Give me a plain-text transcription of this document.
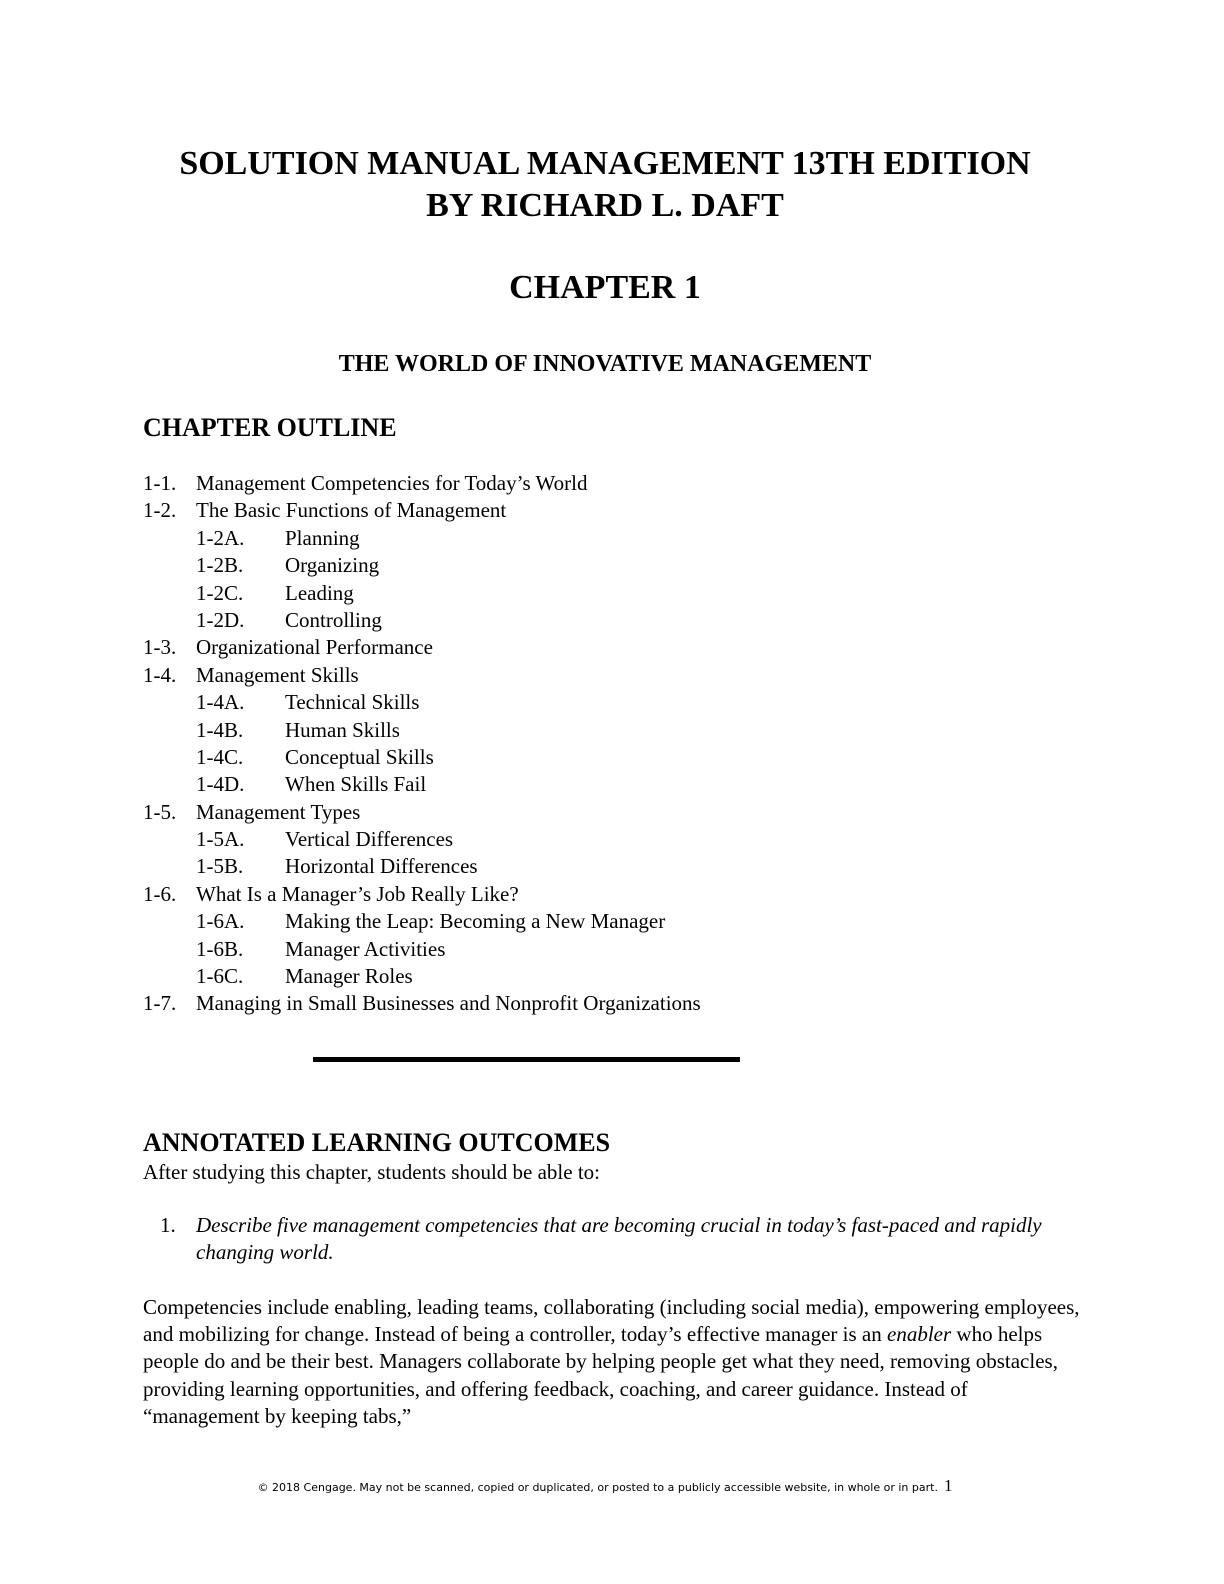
SOLUTION MANUAL MANAGEMENT 13TH EDITION
BY RICHARD L. DAFT
CHAPTER 1
THE WORLD OF INNOVATIVE MANAGEMENT
CHAPTER OUTLINE
1-1. Management Competencies for Today’s World
1-2. The Basic Functions of Management
1-2A. Planning
1-2B. Organizing
1-2C. Leading
1-2D. Controlling
1-3. Organizational Performance
1-4. Management Skills
1-4A. Technical Skills
1-4B. Human Skills
1-4C. Conceptual Skills
1-4D. When Skills Fail
1-5. Management Types
1-5A. Vertical Differences
1-5B. Horizontal Differences
1-6. What Is a Manager’s Job Really Like?
1-6A. Making the Leap: Becoming a New Manager
1-6B. Manager Activities
1-6C. Manager Roles
1-7. Managing in Small Businesses and Nonprofit Organizations
ANNOTATED LEARNING OUTCOMES
After studying this chapter, students should be able to:
1. Describe five management competencies that are becoming crucial in today’s fast-paced and rapidly changing world.

Competencies include enabling, leading teams, collaborating (including social media), empowering employees, and mobilizing for change. Instead of being a controller, today’s effective manager is an enabler who helps people do and be their best. Managers collaborate by helping people get what they need, removing obstacles, providing learning opportunities, and offering feedback, coaching, and career guidance. Instead of “management by keeping tabs,”

© 2018 Cengage. May not be scanned, copied or duplicated, or posted to a publicly accessible website, in whole or in part. 1
